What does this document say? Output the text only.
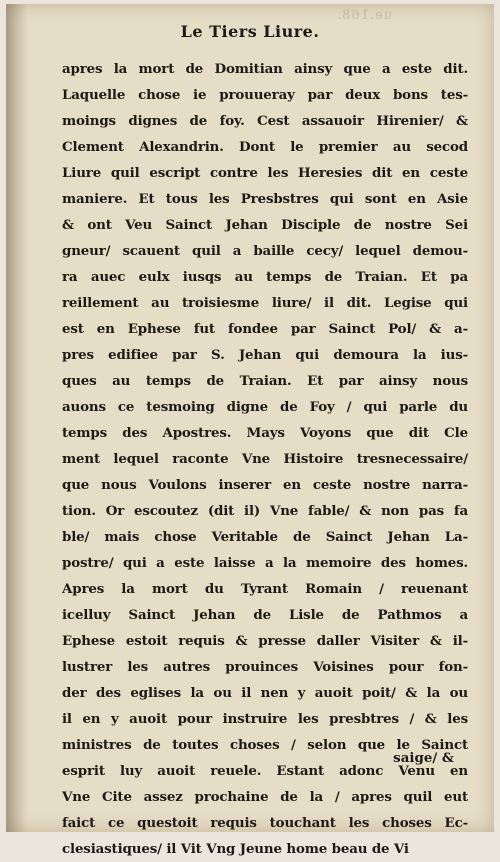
ue.168.
Le Tiers Liure.
apres la mort de Domitian ainsy que a este dit.
Laquelle chose ie prouueray par deux bons tes-
moings dignes de foy. Cest assauoir Hirenier/ &
Clement Alexandrin. Dont le premier au secod
Liure quil escript contre les Heresies dit en ceste
maniere. Et tous les Presbstres qui sont en Asie
& ont Veu Sainct Jehan Disciple de nostre Sei
gneur/ scauent quil a baille cecy/ lequel demou-
ra auec eulx iusqs au temps de Traian. Et pa
reillement au troisiesme liure/ il dit. Legise qui
est en Ephese fut fondee par Sainct Pol/ & a-
pres edifiee par S. Jehan qui demoura la ius-
ques au temps de Traian. Et par ainsy nous
auons ce tesmoing digne de Foy / qui parle du
temps des Apostres. Mays Voyons que dit Cle
ment lequel raconte Vne Histoire tresnecessaire/
que nous Voulons inserer en ceste nostre narra-
tion. Or escoutez (dit il) Vne fable/ & non pas fa
ble/ mais chose Veritable de Sainct Jehan La-
postre/ qui a este laisse a la memoire des homes.
Apres la mort du Tyrant Romain / reuenant
icelluy Sainct Jehan de Lisle de Pathmos a
Ephese estoit requis & presse daller Visiter & il-
lustrer les autres prouinces Voisines pour fon-
der des eglises la ou il nen y auoit poit/ & la ou
il en y auoit pour instruire les presbtres / & les
ministres de toutes choses / selon que le Sainct
esprit luy auoit reuele. Estant adonc Venu en
Vne Cite assez prochaine de la / apres quil eut
faict ce questoit requis touchant les choses Ec-
clesiastiques/ il Vit Vng Jeune home beau de Vi
saige/ &
